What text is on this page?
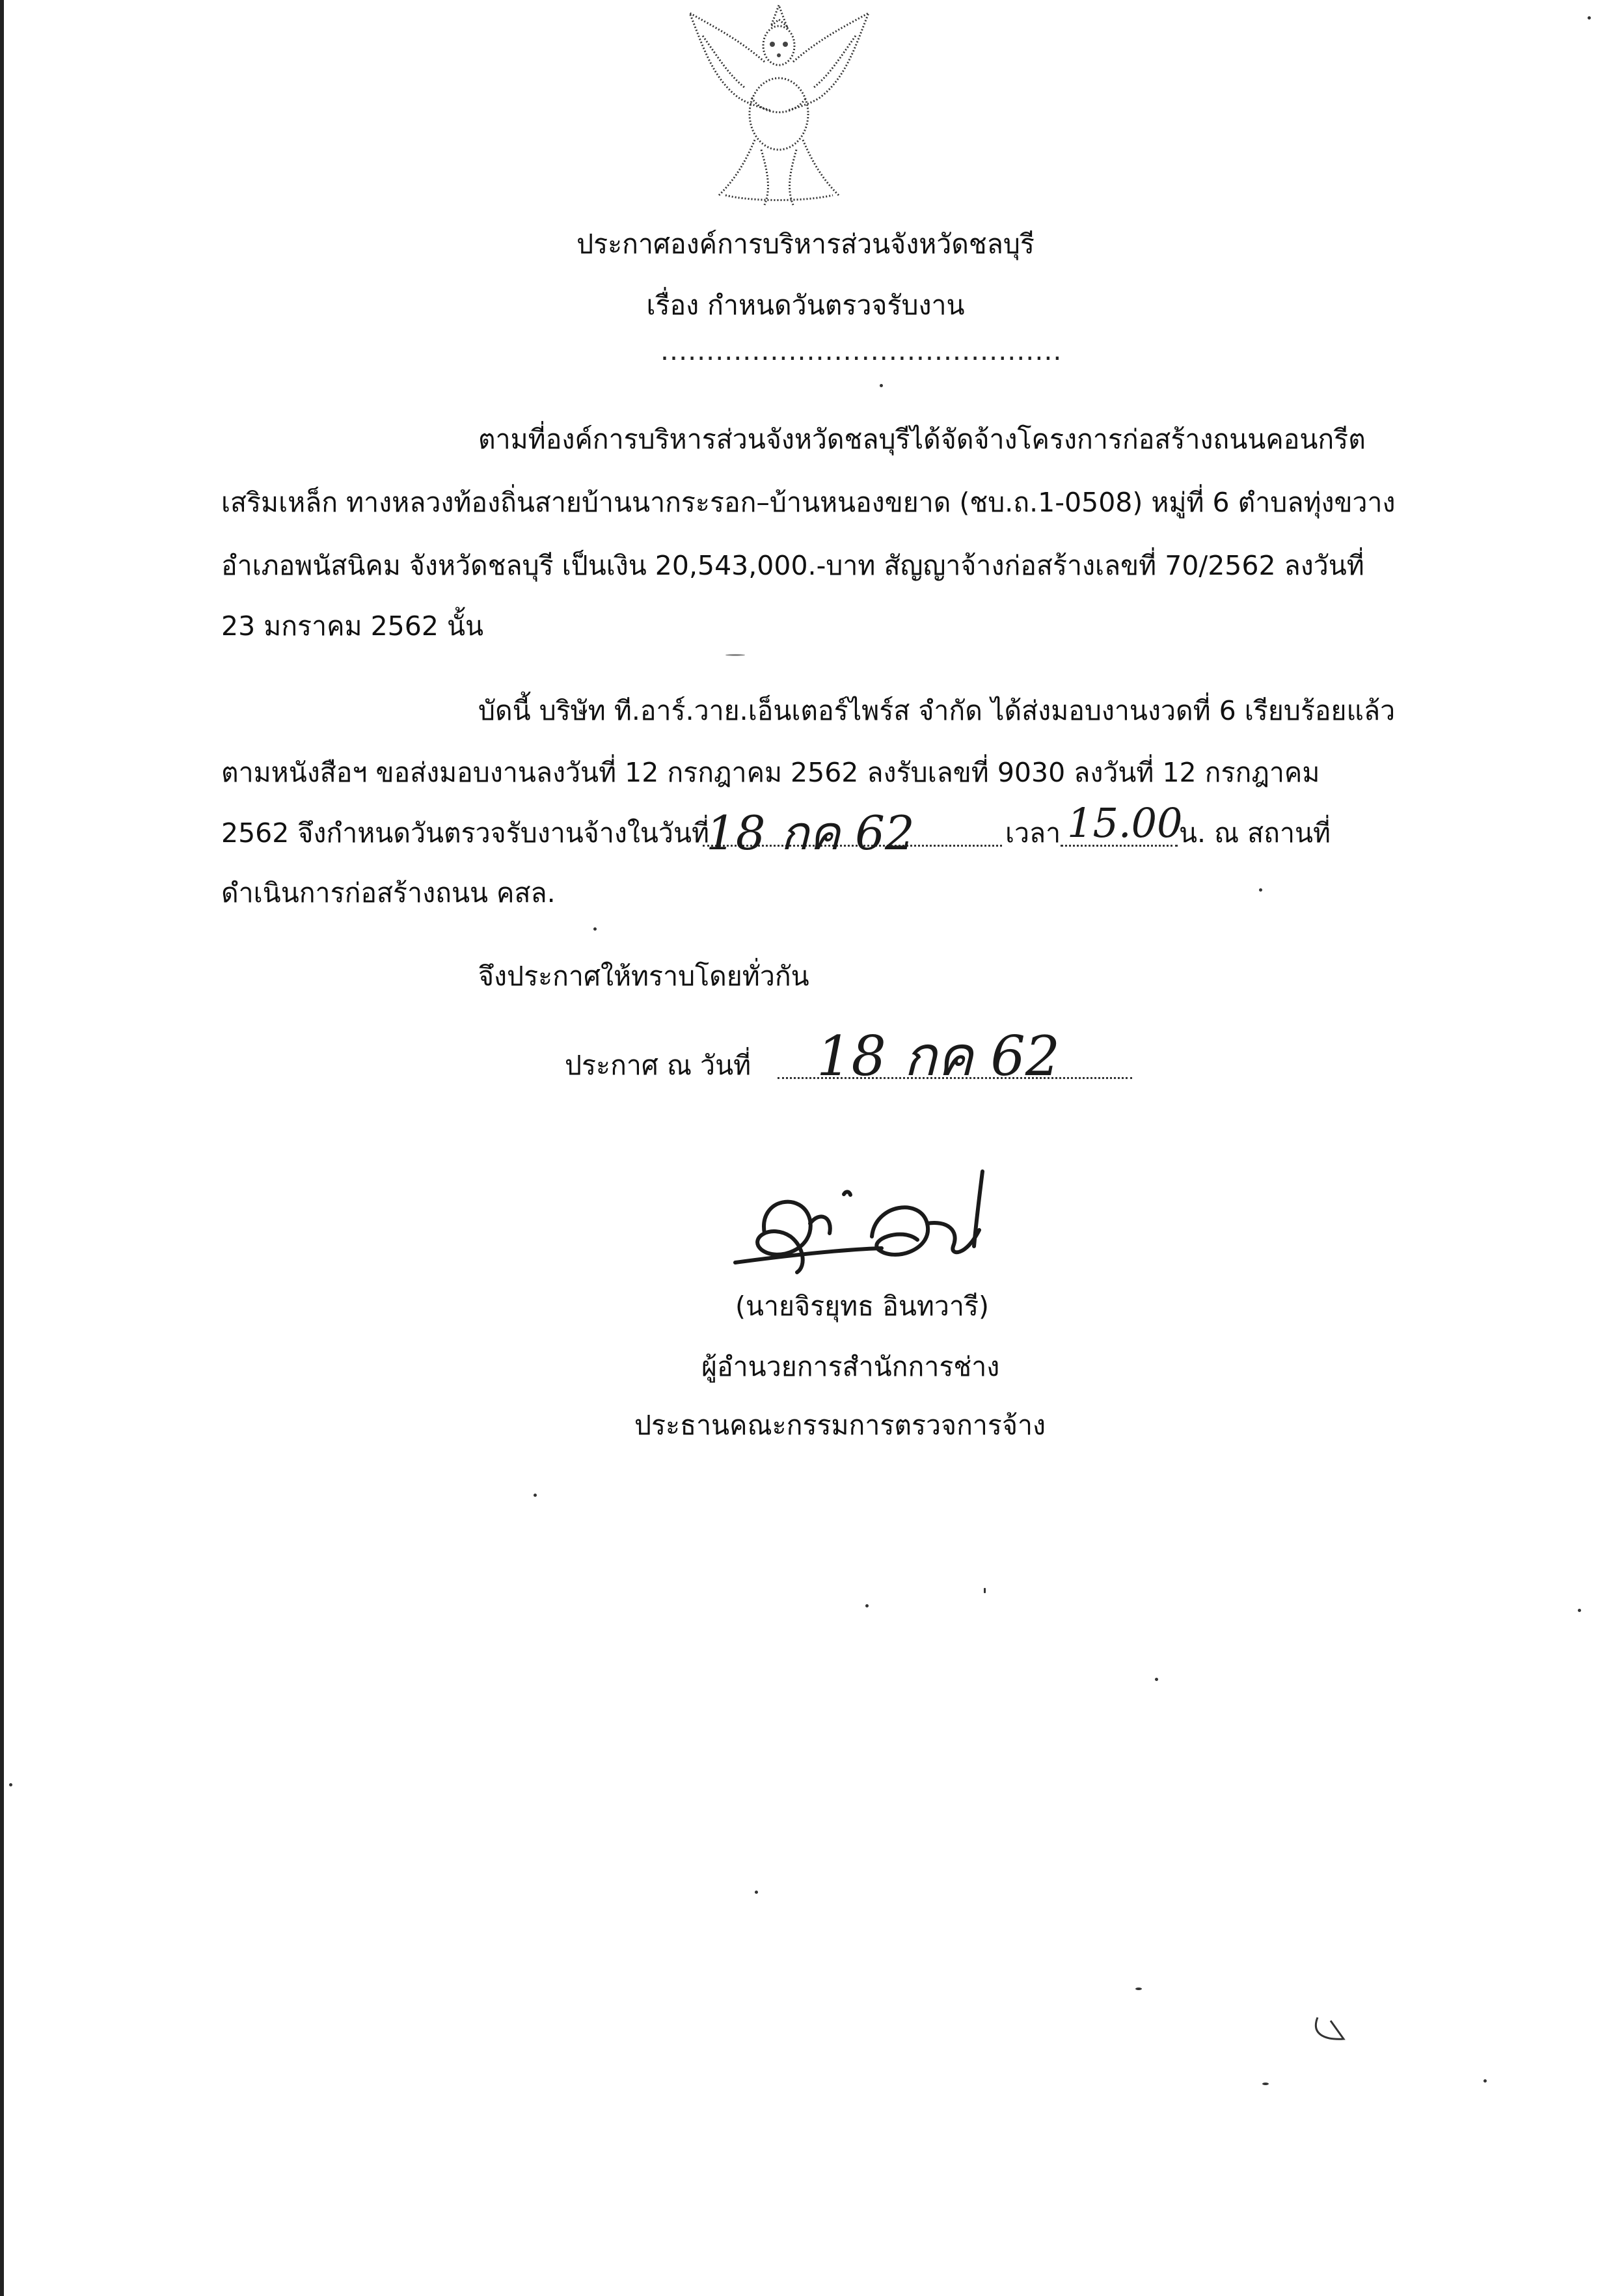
ประกาศองค์การบริหารส่วนจังหวัดชลบุรี
เรื่อง กำหนดวันตรวจรับงาน
............................................
ตามที่องค์การบริหารส่วนจังหวัดชลบุรีได้จัดจ้างโครงการก่อสร้างถนนคอนกรีต
เสริมเหล็ก ทางหลวงท้องถิ่นสายบ้านนากระรอก–บ้านหนองขยาด (ชบ.ถ.1-0508) หมู่ที่ 6 ตำบลทุ่งขวาง
อำเภอพนัสนิคม จังหวัดชลบุรี เป็นเงิน 20,543,000.-บาท สัญญาจ้างก่อสร้างเลขที่ 70/2562 ลงวันที่
23 มกราคม 2562 นั้น
บัดนี้ บริษัท ที.อาร์.วาย.เอ็นเตอร์ไพร์ส จำกัด ได้ส่งมอบงานงวดที่ 6 เรียบร้อยแล้ว
ตามหนังสือฯ ขอส่งมอบงานลงวันที่ 12 กรกฎาคม 2562 ลงรับเลขที่ 9030 ลงวันที่ 12 กรกฎาคม
2562 จึงกำหนดวันตรวจรับงานจ้างในวันที่
18 กค 62	เวลา 15.00
น. ณ สถานที่
ดำเนินการก่อสร้างถนน คสล.
จึงประกาศให้ทราบโดยทั่วกัน
ประกาศ ณ วันที่ 18 กค 62
(นายจิรยุทธ อินทวารี)
ผู้อำนวยการสำนักการช่าง
ประธานคณะกรรมการตรวจการจ้าง
